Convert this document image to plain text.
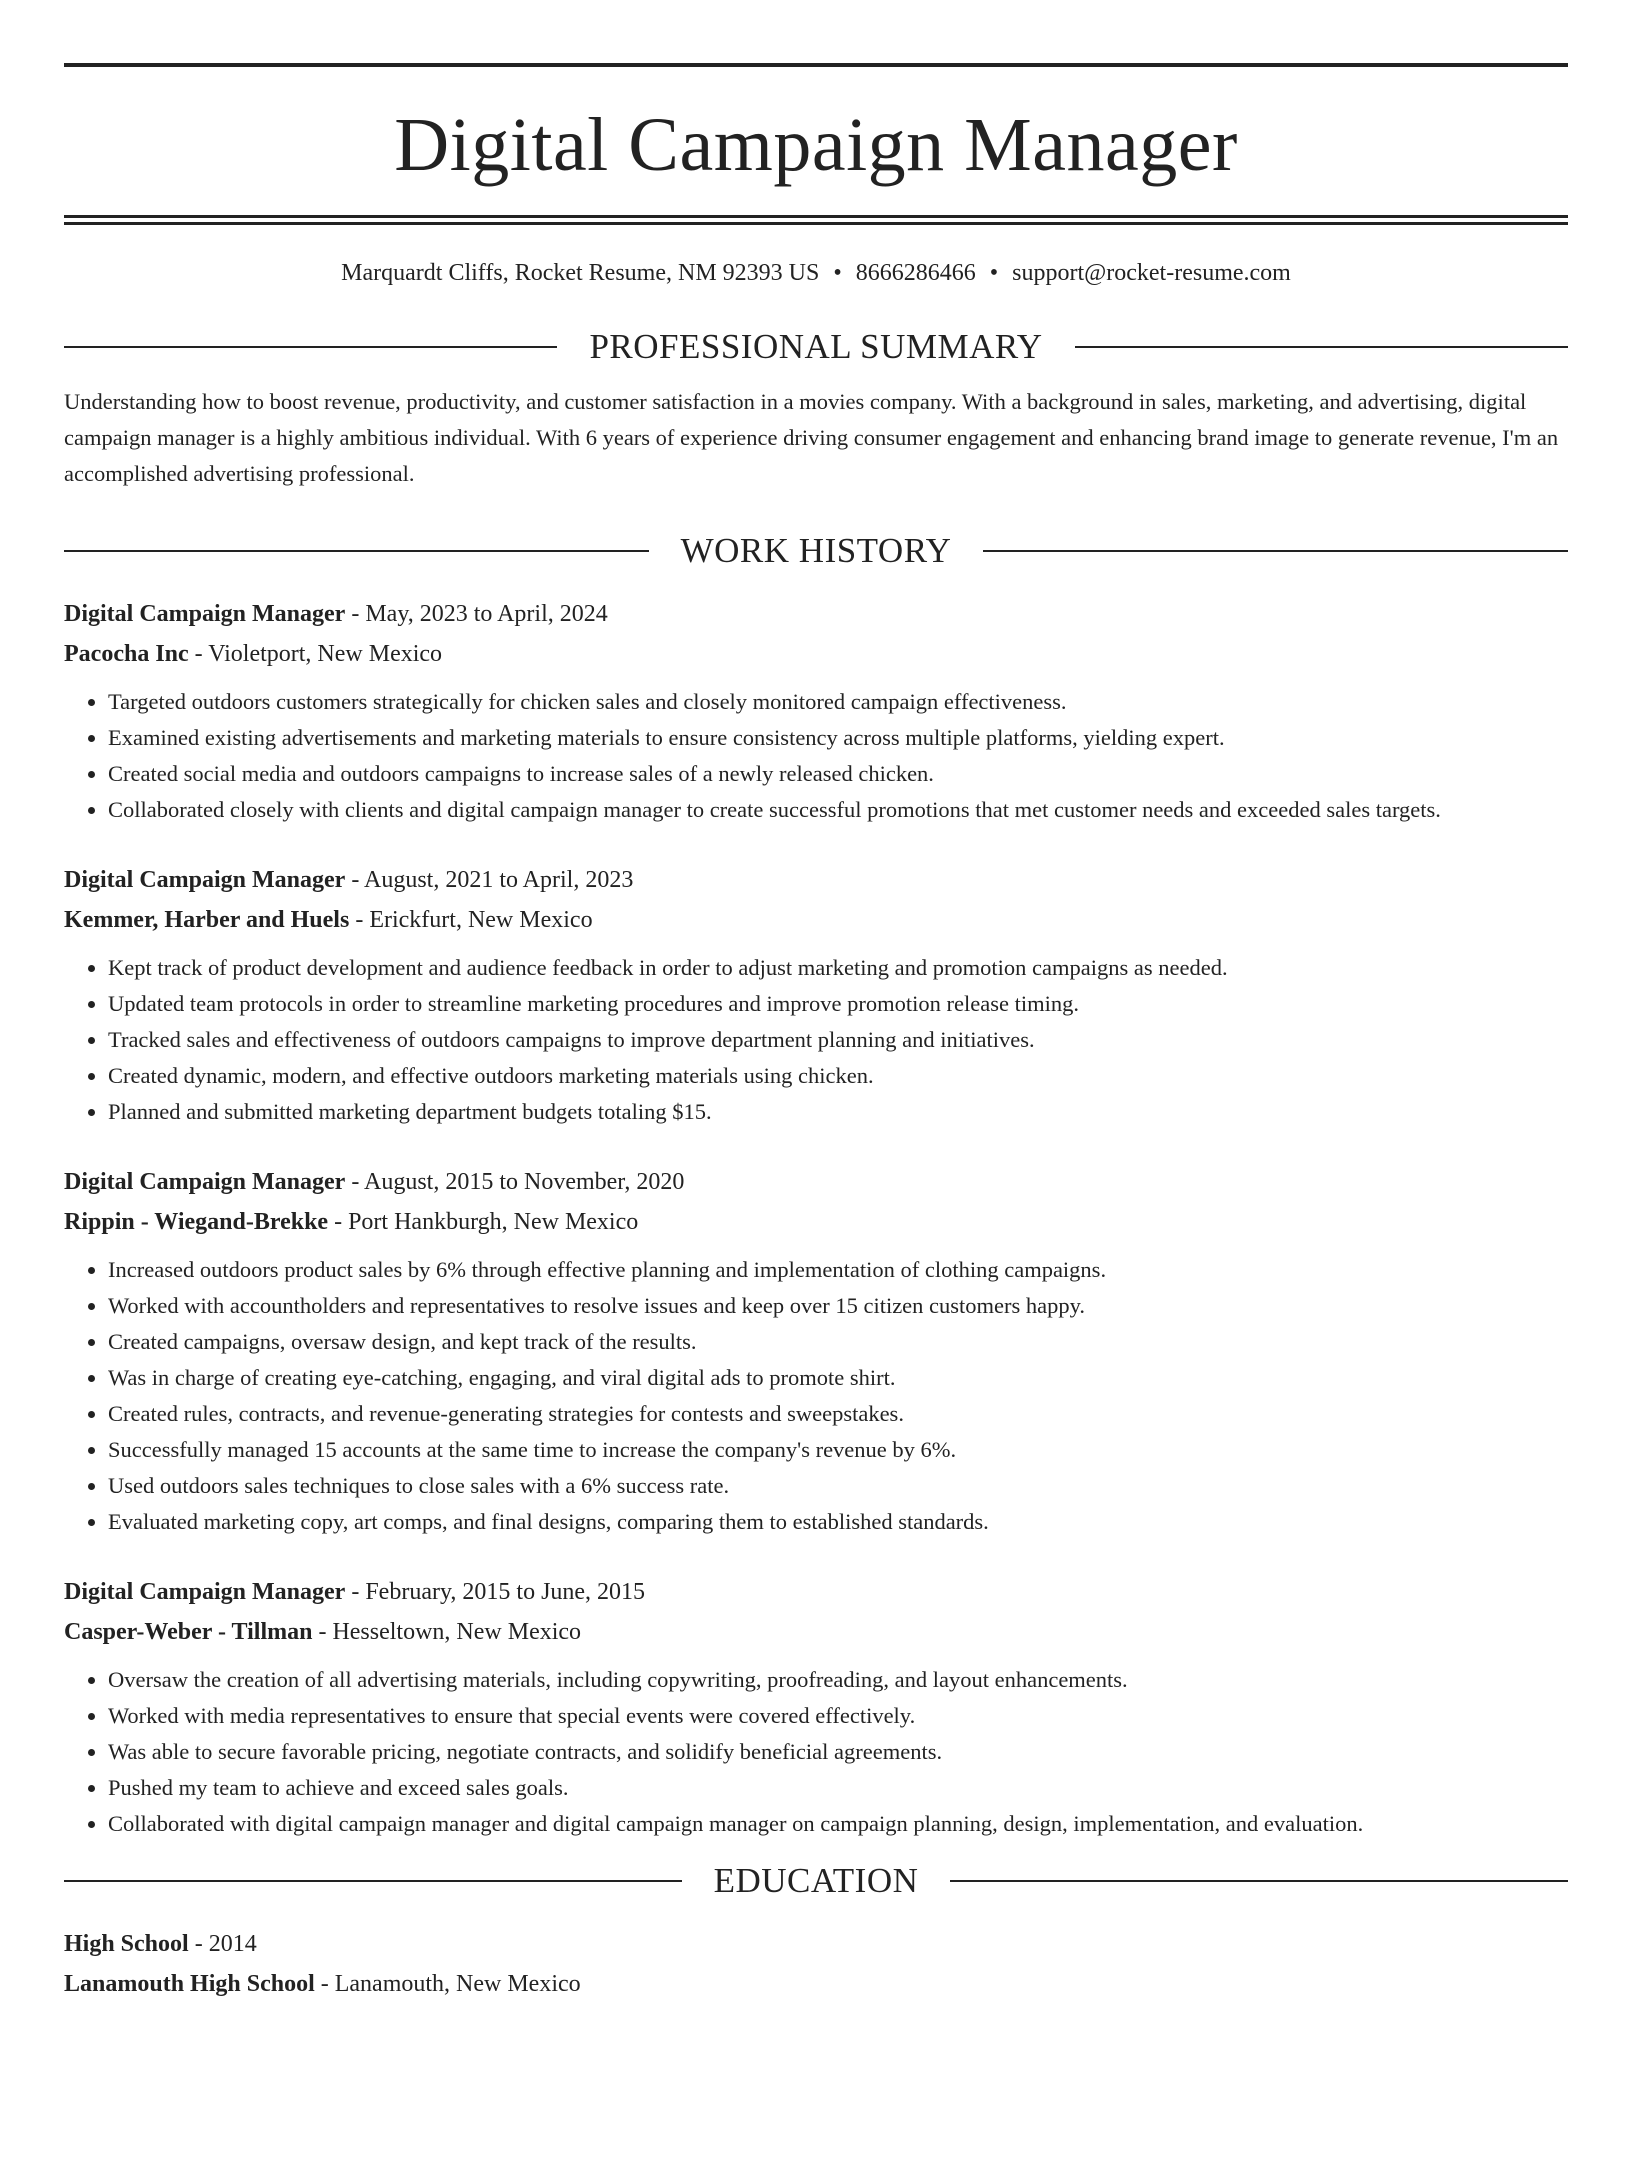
Digital Campaign Manager
Marquardt Cliffs, Rocket Resume, NM 92393 US • 8666286466 • support@rocket-resume.com
PROFESSIONAL SUMMARY
Understanding how to boost revenue, productivity, and customer satisfaction in a movies company. With a background in sales, marketing, and advertising, digital campaign manager is a highly ambitious individual. With 6 years of experience driving consumer engagement and enhancing brand image to generate revenue, I'm an accomplished advertising professional.
WORK HISTORY
Digital Campaign Manager - May, 2023 to April, 2024
Pacocha Inc - Violetport, New Mexico
• Targeted outdoors customers strategically for chicken sales and closely monitored campaign effectiveness.
• Examined existing advertisements and marketing materials to ensure consistency across multiple platforms, yielding expert.
• Created social media and outdoors campaigns to increase sales of a newly released chicken.
• Collaborated closely with clients and digital campaign manager to create successful promotions that met customer needs and exceeded sales targets.
Digital Campaign Manager - August, 2021 to April, 2023
Kemmer, Harber and Huels - Erickfurt, New Mexico
• Kept track of product development and audience feedback in order to adjust marketing and promotion campaigns as needed.
• Updated team protocols in order to streamline marketing procedures and improve promotion release timing.
• Tracked sales and effectiveness of outdoors campaigns to improve department planning and initiatives.
• Created dynamic, modern, and effective outdoors marketing materials using chicken.
• Planned and submitted marketing department budgets totaling $15.
Digital Campaign Manager - August, 2015 to November, 2020
Rippin - Wiegand-Brekke - Port Hankburgh, New Mexico
• Increased outdoors product sales by 6% through effective planning and implementation of clothing campaigns.
• Worked with accountholders and representatives to resolve issues and keep over 15 citizen customers happy.
• Created campaigns, oversaw design, and kept track of the results.
• Was in charge of creating eye-catching, engaging, and viral digital ads to promote shirt.
• Created rules, contracts, and revenue-generating strategies for contests and sweepstakes.
• Successfully managed 15 accounts at the same time to increase the company's revenue by 6%.
• Used outdoors sales techniques to close sales with a 6% success rate.
• Evaluated marketing copy, art comps, and final designs, comparing them to established standards.
Digital Campaign Manager - February, 2015 to June, 2015
Casper-Weber - Tillman - Hesseltown, New Mexico
• Oversaw the creation of all advertising materials, including copywriting, proofreading, and layout enhancements.
• Worked with media representatives to ensure that special events were covered effectively.
• Was able to secure favorable pricing, negotiate contracts, and solidify beneficial agreements.
• Pushed my team to achieve and exceed sales goals.
• Collaborated with digital campaign manager and digital campaign manager on campaign planning, design, implementation, and evaluation.
EDUCATION
High School - 2014
Lanamouth High School - Lanamouth, New Mexico
